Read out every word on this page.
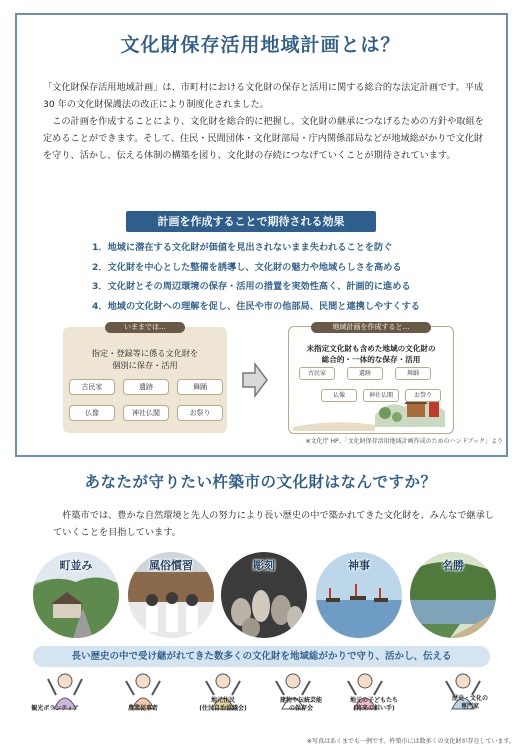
文化財保存活用地域計画とは？

「文化財保存活用地域計画」は、市町村における文化財の保存と活用に関する総合的な法定計画です。平成 30 年の文化財保護法の改正により制度化されました。

この計画を作成することにより、文化財を総合的に把握し、文化財の継承につなげるための方針や取組を定めることができます。そして、住民・民間団体・文化財部局・庁内関係部局などが地域総がかりで文化財を守り、活かし、伝える体制の構築を図り、文化財の存続につなげていくことが期待されています。

計画を作成することで期待される効果
1．地域に潜在する文化財が価値を見出されないまま失われることを防ぐ
2．文化財を中心とした整備を誘導し、文化財の魅力や地域らしさを高める
3．文化財とその周辺環境の保存・活用の措置を実効性高く、計画的に進める
4．地域の文化財への理解を促し、住民や市の他部局、民間と連携しやすくする
いままでは…
指定・登録等に係る文化財を
個別に保存・活用
古民家	遺跡	舞踊
仏像	神社仏閣	お祭り
地域計画を作成すると…
未指定文化財も含めた地域の文化財の
総合的・一体的な保存・活用
古民家	遺跡	舞踊
仏像	神社仏閣	お祭り
※文化庁 HP、「文化財保存活用地域計画作成のためのハンドブック」より
あなたが守りたい杵築市の文化財はなんですか？
杵築市では、豊かな自然環境と先人の努力により長い歴史の中で築かれてきた文化財を、みんなで継承していくことを目指しています。
町並み	風俗慣習	彫刻	神事	名勝
長い歴史の中で受け継がれてきた数多くの文化財を地域総がかりで守り、活かし、伝える
観光ボランティア	農業従事者
地元住民
(住民自治協議会)
建物や伝統芸能
の保存会
地元の子どもたち
(将来の担い手)
歴史・文化の
専門家
※写真はあくまでも一例です。杵築市には数多くの文化財が存在しています。
